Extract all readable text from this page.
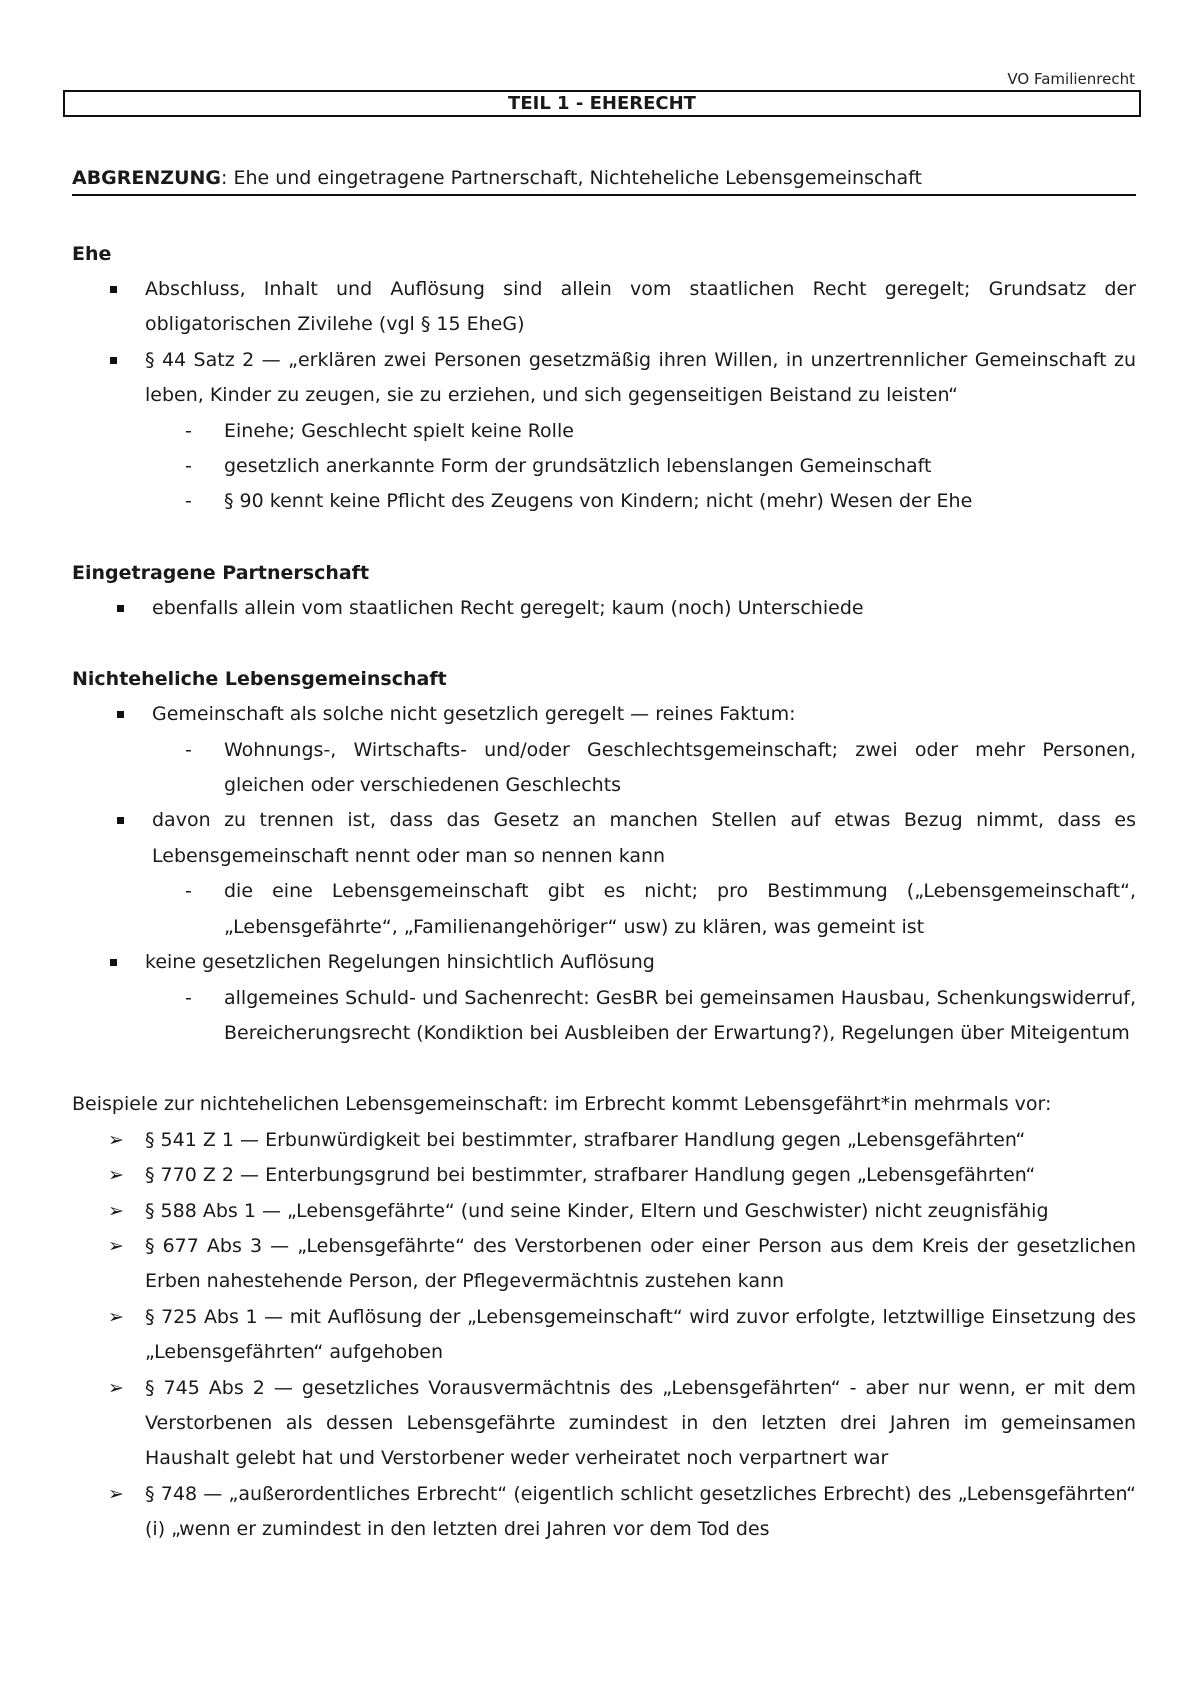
VO Familienrecht
TEIL 1 - EHERECHT
ABGRENZUNG: Ehe und eingetragene Partnerschaft, Nichteheliche Lebensgemeinschaft
Ehe
Abschluss, Inhalt und Auflösung sind allein vom staatlichen Recht geregelt; Grundsatz der obligatorischen Zivilehe (vgl § 15 EheG)
§ 44 Satz 2 — „erklären zwei Personen gesetzmäßig ihren Willen, in unzertrennlicher Gemeinschaft zu leben, Kinder zu zeugen, sie zu erziehen, und sich gegenseitigen Beistand zu leisten“
- Einehe; Geschlecht spielt keine Rolle
- gesetzlich anerkannte Form der grundsätzlich lebenslangen Gemeinschaft
- § 90 kennt keine Pflicht des Zeugens von Kindern; nicht (mehr) Wesen der Ehe
Eingetragene Partnerschaft
ebenfalls allein vom staatlichen Recht geregelt; kaum (noch) Unterschiede
Nichteheliche Lebensgemeinschaft
Gemeinschaft als solche nicht gesetzlich geregelt — reines Faktum:
- Wohnungs-, Wirtschafts- und/oder Geschlechtsgemeinschaft; zwei oder mehr Personen, gleichen oder verschiedenen Geschlechts
davon zu trennen ist, dass das Gesetz an manchen Stellen auf etwas Bezug nimmt, dass es Lebensgemeinschaft nennt oder man so nennen kann
- die eine Lebensgemeinschaft gibt es nicht; pro Bestimmung („Lebensgemeinschaft“, „Lebensgefährte“, „Familienangehöriger“ usw) zu klären, was gemeint ist
keine gesetzlichen Regelungen hinsichtlich Auflösung
- allgemeines Schuld- und Sachenrecht: GesBR bei gemeinsamen Hausbau, Schenkungswiderruf, Bereicherungsrecht (Kondiktion bei Ausbleiben der Erwartung?), Regelungen über Miteigentum
Beispiele zur nichtehelichen Lebensgemeinschaft: im Erbrecht kommt Lebensgefährt*in mehrmals vor:
➢ § 541 Z 1 — Erbunwürdigkeit bei bestimmter, strafbarer Handlung gegen „Lebensgefährten“
➢ § 770 Z 2 — Enterbungsgrund bei bestimmter, strafbarer Handlung gegen „Lebensgefährten“
➢ § 588 Abs 1 — „Lebensgefährte“ (und seine Kinder, Eltern und Geschwister) nicht zeugnisfähig
➢ § 677 Abs 3 — „Lebensgefährte“ des Verstorbenen oder einer Person aus dem Kreis der gesetzlichen Erben nahestehende Person, der Pflegevermächtnis zustehen kann
➢ § 725 Abs 1 — mit Auflösung der „Lebensgemeinschaft“ wird zuvor erfolgte, letztwillige Einsetzung des „Lebensgefährten“ aufgehoben
➢ § 745 Abs 2 — gesetzliches Vorausvermächtnis des „Lebensgefährten“ - aber nur wenn, er mit dem Verstorbenen als dessen Lebensgefährte zumindest in den letzten drei Jahren im gemeinsamen Haushalt gelebt hat und Verstorbener weder verheiratet noch verpartnert war
➢ § 748 — „außerordentliches Erbrecht“ (eigentlich schlicht gesetzliches Erbrecht) des „Lebensgefährten“ (i) „wenn er zumindest in den letzten drei Jahren vor dem Tod des
